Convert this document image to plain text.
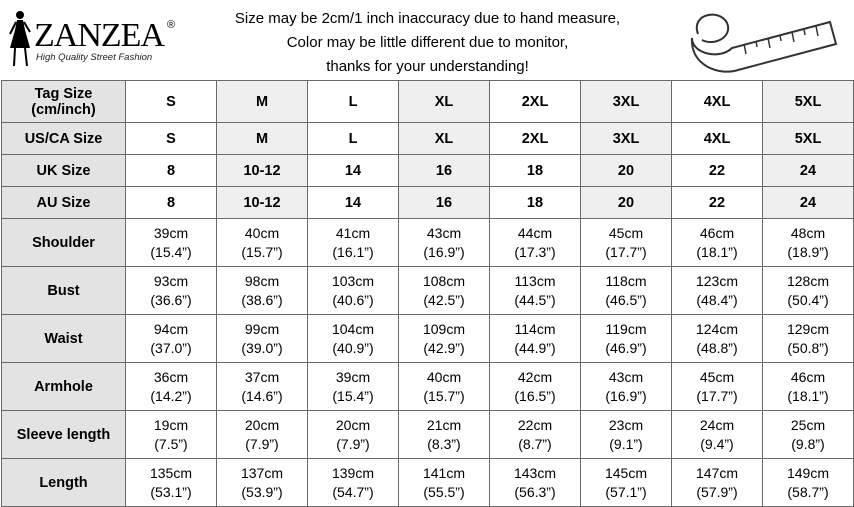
ZANZEA ®
High Quality Street Fashion
Size may be 2cm/1 inch inaccuracy due to hand measure,
Color may be little different due to monitor,
thanks for your understanding!
Tag Size (cm/inch)	S	M	L	XL	2XL	3XL	4XL	5XL
US/CA Size	S	M	L	XL	2XL	3XL	4XL	5XL
UK Size	8	10-12	14	16	18	20	22	24
AU Size	8	10-12	14	16	18	20	22	24
Shoulder	39cm
(15.4”)	40cm
(15.7”)	41cm
(16.1”)	43cm
(16.9”)	44cm
(17.3”)	45cm
(17.7”)	46cm
(18.1”)	48cm
(18.9”)

Bust	93cm
(36.6”)	98cm
(38.6”)	103cm
(40.6”)	108cm
(42.5”)	113cm
(44.5”)	118cm
(46.5”)	123cm
(48.4”)	128cm
(50.4”)

Waist	94cm
(37.0”)	99cm
(39.0”)	104cm
(40.9”)	109cm
(42.9”)	114cm
(44.9”)	119cm
(46.9”)	124cm
(48.8”)	129cm
(50.8”)

Armhole	36cm
(14.2”)	37cm
(14.6”)	39cm
(15.4”)	40cm
(15.7”)	42cm
(16.5”)	43cm
(16.9”)	45cm
(17.7”)	46cm
(18.1”)

Sleeve length	19cm
(7.5”)	20cm
(7.9”)	20cm
(7.9”)	21cm
(8.3”)	22cm
(8.7”)	23cm
(9.1”)	24cm
(9.4”)	25cm
(9.8”)

Length	135cm
(53.1”)	137cm
(53.9”)	139cm
(54.7”)	141cm
(55.5”)	143cm
(56.3”)	145cm
(57.1”)	147cm
(57.9”)	149cm
(58.7”)
